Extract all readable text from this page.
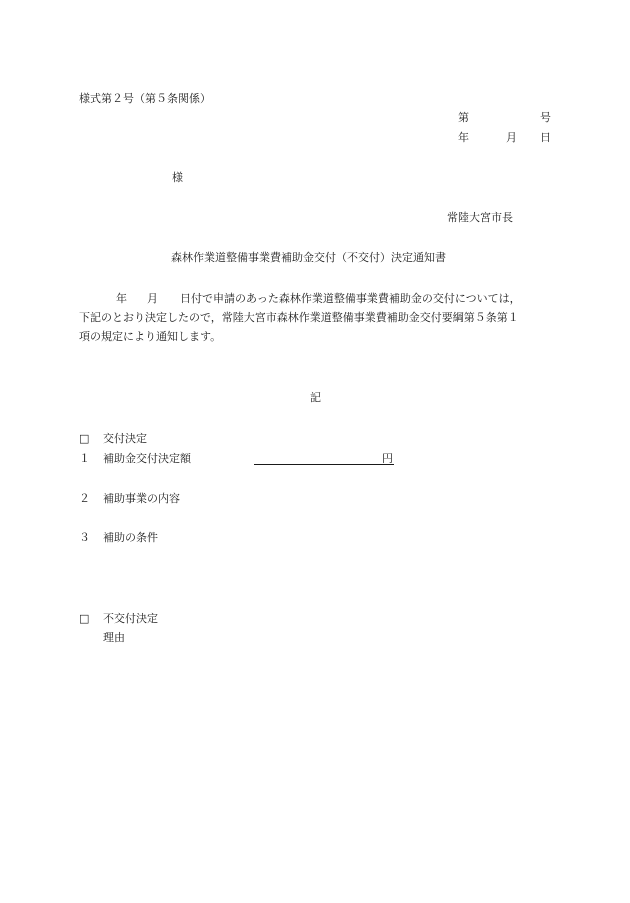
様式第２号（第５条関係）
第	号
年	月 日
様
常陸大宮市長
森林作業道整備事業費補助金交付（不交付）決定通知書
年 月 日付で申請のあった森林作業道整備事業費補助金の交付については，
下記のとおり決定したので，常陸大宮市森林作業道整備事業費補助金交付要綱第５条第１
項の規定により通知します。
記
□ 交付決定
１ 補助金交付決定額	円
２ 補助事業の内容
３ 補助の条件
□ 不交付決定
理由
